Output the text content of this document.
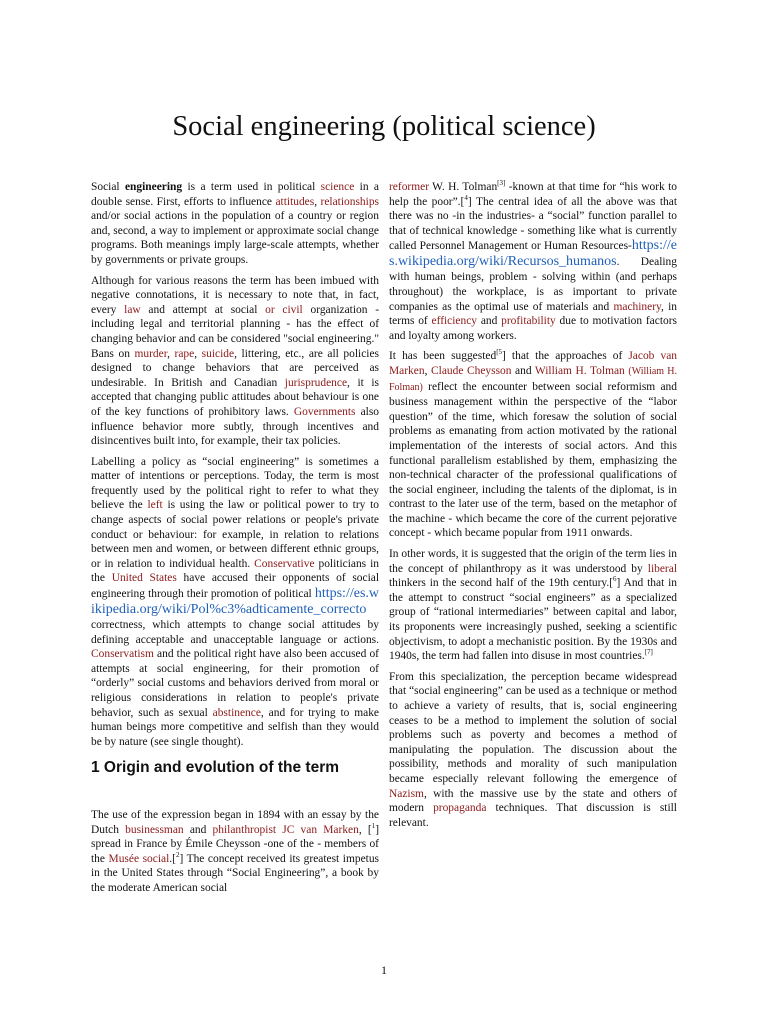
Social engineering (political science)

Social engineering is a term used in political science in a double sense. First, efforts to influence attitudes, relationships and/or social actions in the population of a country or region and, second, a way to implement or approximate social change programs. Both meanings imply large-scale attempts, whether by governments or private groups.

Although for various reasons the term has been imbued with negative connotations, it is necessary to note that, in fact, every law and attempt at social or civil organization - including legal and territorial planning - has the effect of changing behavior and can be considered "social engineering." Bans on murder, rape, suicide, littering, etc., are all policies designed to change behaviors that are perceived as undesirable. In British and Canadian jurisprudence, it is accepted that changing public attitudes about behaviour is one of the key functions of prohibitory laws. Governments also influence behavior more subtly, through incentives and disincentives built into, for example, their tax policies.

Labelling a policy as “social engineering” is sometimes a matter of intentions or perceptions. Today, the term is most frequently used by the political right to refer to what they believe the left is using the law or political power to try to change aspects of social power relations or people's private conduct or behaviour: for example, in relation to relations between men and women, or between different ethnic groups, or in relation to individual health. Conservative politicians in the United States have accused their opponents of social engineering through their promotion of political https://es.wikipedia.org/wiki/Pol%c3%adticamente_correctocorrectness, which attempts to change social attitudes by defining acceptable and unacceptable language or actions. Conservatism and the political right have also been accused of attempts at social engineering, for their promotion of “orderly” social customs and behaviors derived from moral or religious considerations in relation to people's private behavior, such as sexual abstinence, and for trying to make human beings more competitive and selfish than they would be by nature (see single thought).

1 Origin and evolution of the term

The use of the expression began in 1894 with an essay by the Dutch businessman and philanthropist JC van Marken, [$^1$] spread in France by Émile Cheysson -one of the - members of the Musée social.[$^2$] The concept received its greatest impetus in the United States through “Social Engineering”, a book by the moderate American social

reformer W. H. Tolman[3] -known at that time for “his work to help the poor”.[$^4$] The central idea of all the above was that there was no -in the industries- a “social” function parallel to that of technical knowledge - something like what is currently called Personnel Management or Human Resources-https://es.wikipedia.org/wiki/Recursos_humanos. Dealing with human beings, problem - solving within (and perhaps throughout) the workplace, is as important to private companies as the optimal use of materials and machinery, in terms of efficiency and profitability due to motivation factors and loyalty among workers.

It has been suggested$^{[5}$] that the approaches of Jacob van Marken, Claude Cheysson and William H. Tolman (William H. Folman) reflect the encounter between social reformism and business management within the perspective of the “labor question” of the time, which foresaw the solution of social problems as emanating from action motivated by the rational implementation of the interests of social actors. And this functional parallelism established by them, emphasizing the non-technical character of the professional qualifications of the social engineer, including the talents of the diplomat, is in contrast to the later use of the term, based on the metaphor of the machine - which became the core of the current pejorative concept - which became popular from 1911 onwards.

In other words, it is suggested that the origin of the term lies in the concept of philanthropy as it was understood by liberal thinkers in the second half of the 19th century.[$^6$] And that in the attempt to construct “social engineers” as a specialized group of “rational intermediaries” between capital and labor, its proponents were increasingly pushed, seeking a scientific objectivism, to adopt a mechanistic position. By the 1930s and 1940s, the term had fallen into disuse in most countries.[7]

From this specialization, the perception became widespread that “social engineering” can be used as a technique or method to achieve a variety of results, that is, social engineering ceases to be a method to implement the solution of social problems such as poverty and becomes a method of manipulating the population. The discussion about the possibility, methods and morality of such manipulation became especially relevant following the emergence of Nazism, with the massive use by the state and others of modern propaganda techniques. That discussion is still relevant.

1
